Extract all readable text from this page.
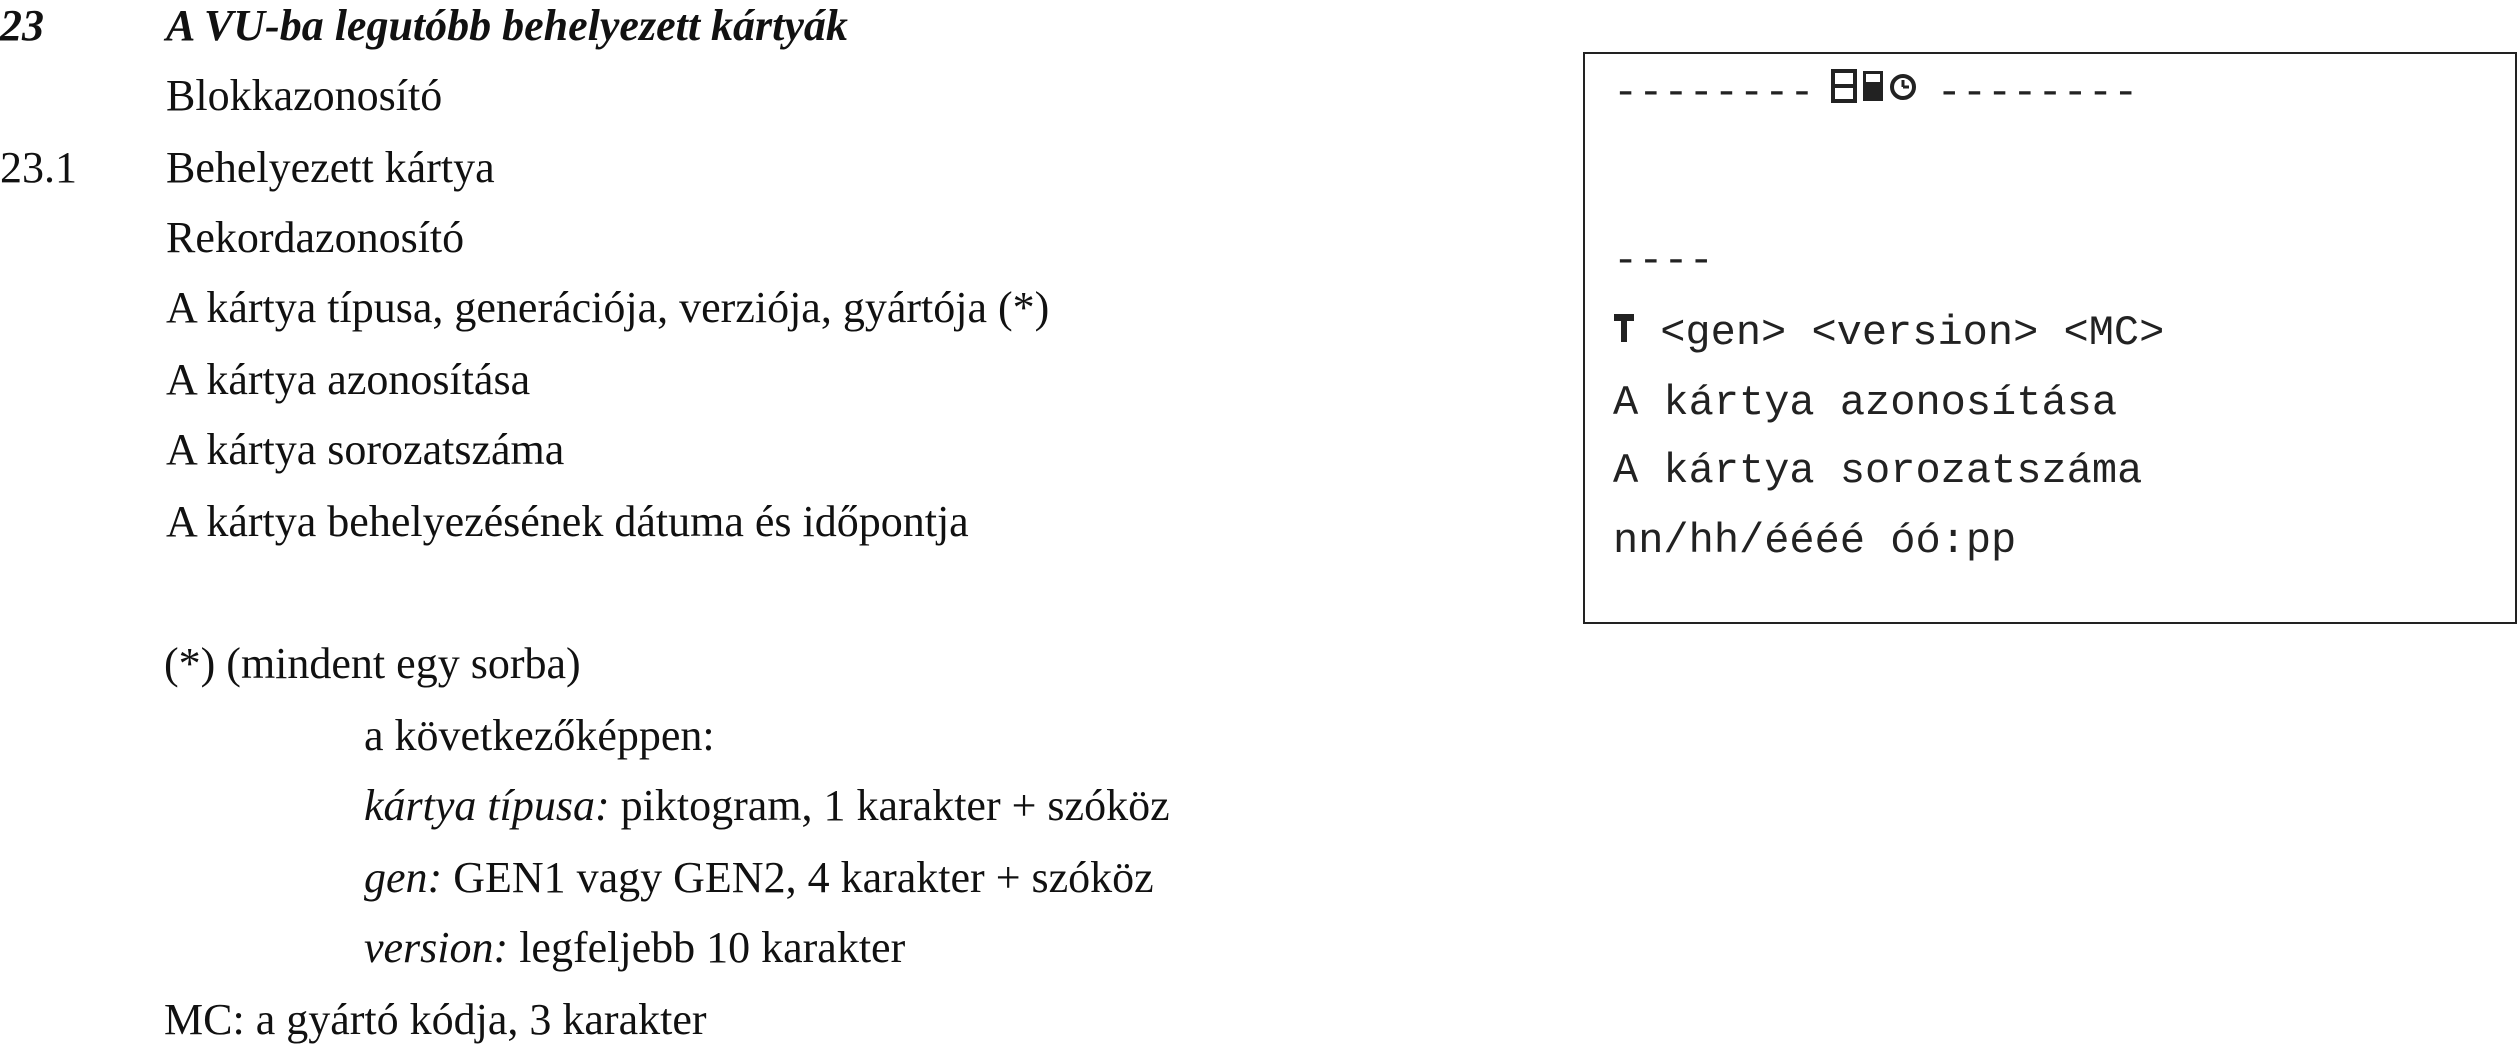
23	A VU-ba legutóbb behelyezett kártyák
Blokkazonosító
23.1 Behelyezett kártya
Rekordazonosító
A kártya típusa, generációja, verziója, gyártója (*)
A kártya azonosítása
A kártya sorozatszáma
A kártya behelyezésének dátuma és időpontja
(*) (mindent egy sorba)
a következőképpen:
kártya típusa: piktogram, 1 karakter + szóköz
gen: GEN1 vagy GEN2, 4 karakter + szóköz
version: legfeljebb 10 karakter
MC: a gyártó kódja, 3 karakter
--------	--------
----
<gen> <version> <MC>
A kártya azonosítása
A kártya sorozatszáma
nn/hh/éééé óó:pp
